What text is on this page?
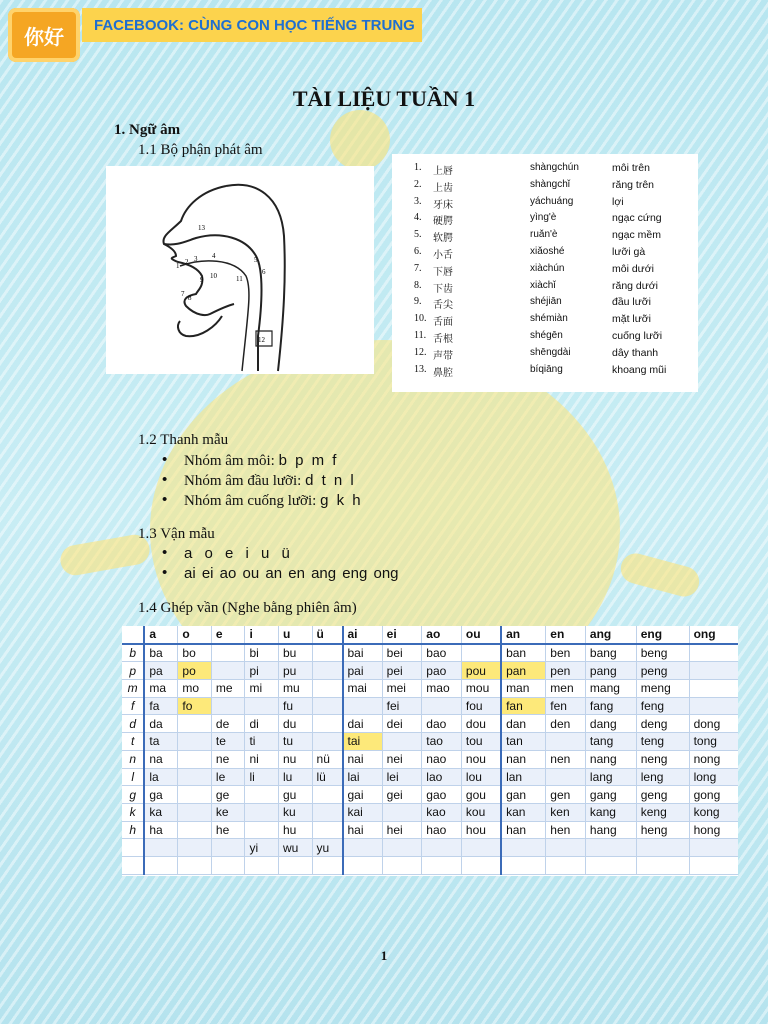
你好 FACEBOOK: CÙNG CON HỌC TIẾNG TRUNG
TÀI LIỆU TUẦN 1
1. Ngữ âm
1.1 Bộ phận phát âm
13
1 2 3 4	5
6
7 8
9 10	11
12
1. 上唇	shàngchún	môi trên
2. 上齿	shàngchǐ	răng trên
3. 牙床	yáchuáng	lợi
4. 硬腭	yìng'è	ngạc cứng
5. 软腭	ruǎn'è	ngạc mềm
6. 小舌	xiǎoshé	lưỡi gà
7. 下唇	xiàchún	môi dưới
8. 下齿	xiàchǐ	răng dưới
9. 舌尖	shéjiān	đầu lưỡi
10. 舌面	shémiàn	mặt lưỡi
11. 舌根	shégēn	cuống lưỡi
12. 声带	shēngdài	dây thanh
13. 鼻腔	bíqiāng	khoang mũi
1.2 Thanh mẫu
• Nhóm âm môi: b p m f
• Nhóm âm đầu lưỡi: d t n l
• Nhóm âm cuống lưỡi: g k h
1.3 Vận mẫu
• a o e i u ü
• ai ei ao ou an en ang eng ong
1.4 Ghép vần (Nghe bằng phiên âm)
	a	o	e	i	u	ü	ai	ei	ao	ou	an	en	ang	eng	ong
b	ba	bo		bi	bu		bai	bei	bao		ban	ben	bang	beng	
p	pa	po		pi	pu		pai	pei	pao	pou	pan	pen	pang	peng	
m	ma	mo	me	mi	mu		mai	mei	mao	mou	man	men	mang	meng	
f	fa	fo			fu			fei		fou	fan	fen	fang	feng	
d	da		de	di	du		dai	dei	dao	dou	dan	den	dang	deng	dong
t	ta		te	ti	tu		tai		tao	tou	tan		tang	teng	tong
n	na		ne	ni	nu	nü	nai	nei	nao	nou	nan	nen	nang	neng	nong
l	la		le	li	lu	lü	lai	lei	lao	lou	lan		lang	leng	long
g	ga		ge		gu		gai	gei	gao	gou	gan	gen	gang	geng	gong
k	ka		ke		ku		kai		kao	kou	kan	ken	kang	keng	kong
h	ha		he		hu		hai	hei	hao	hou	han	hen	hang	heng	hong
				yi	wu	yu									

1
